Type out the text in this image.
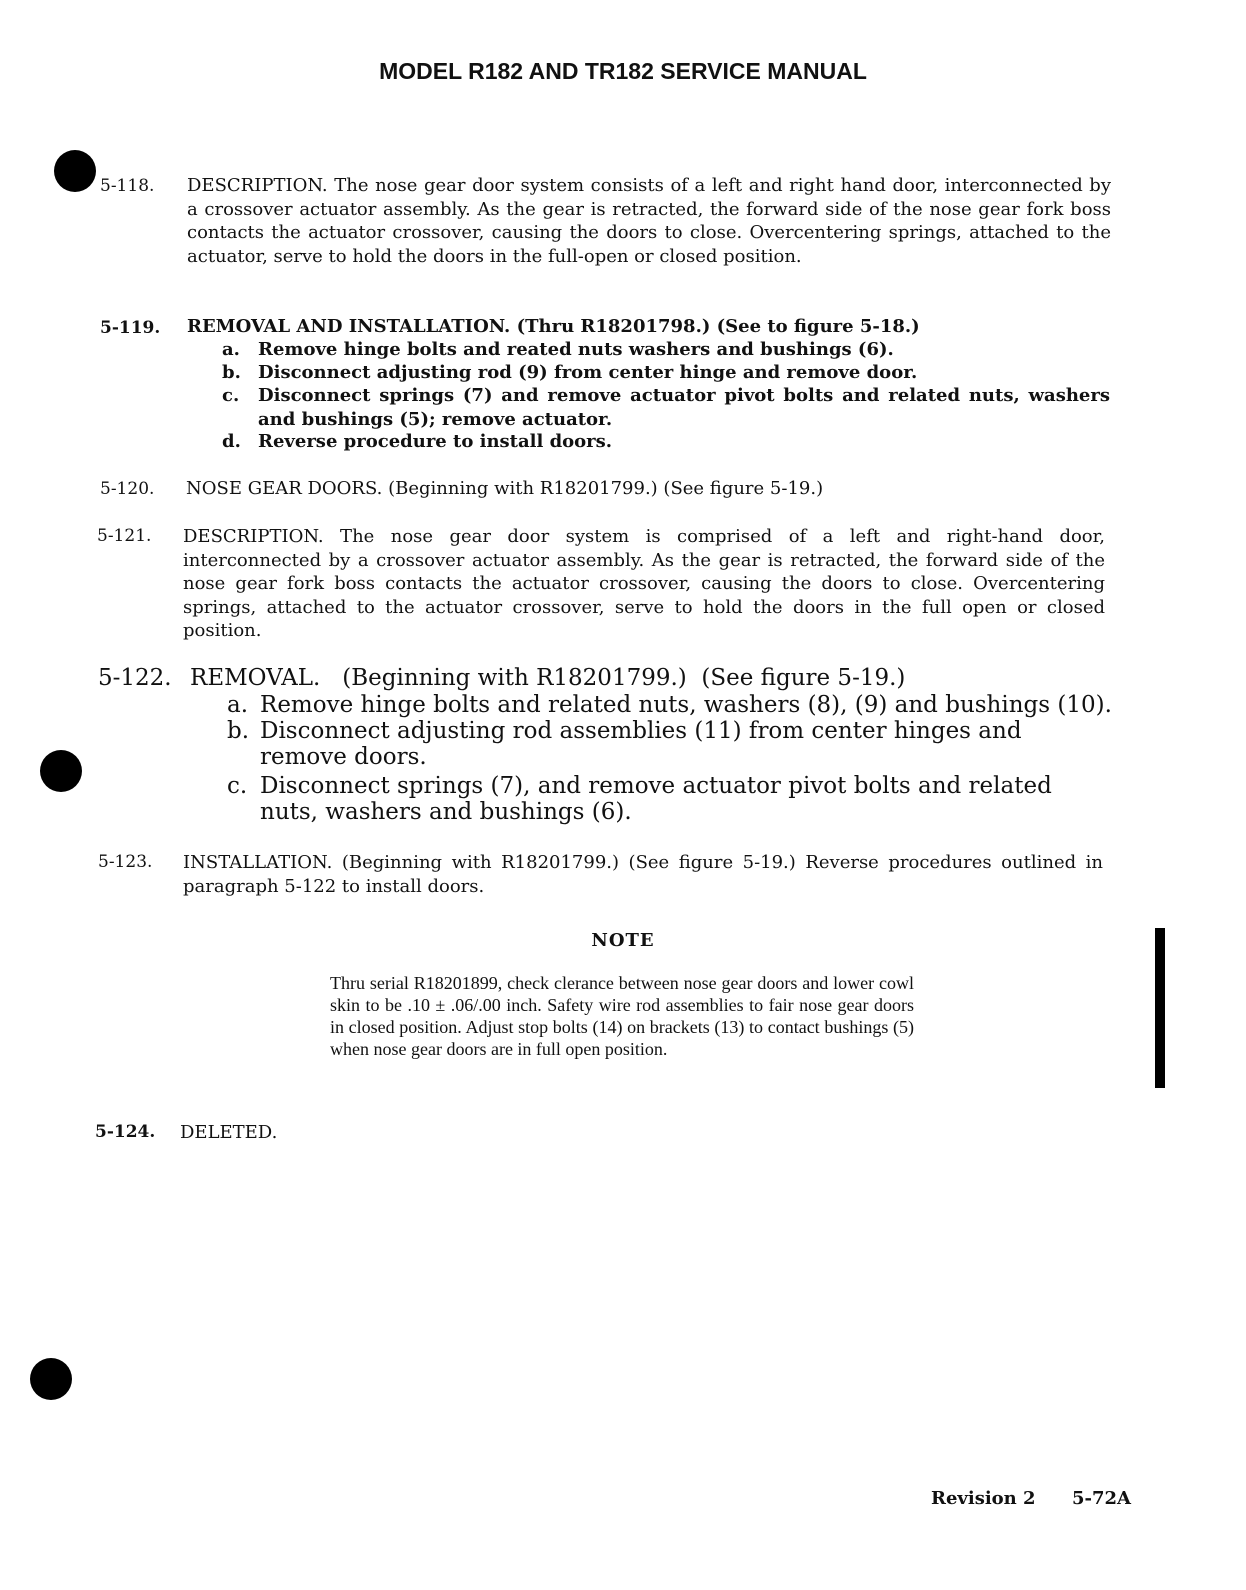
MODEL R182 AND TR182 SERVICE MANUAL
5-118. DESCRIPTION. The nose gear door system consists of a left and right hand door, interconnected by a crossover actuator assembly. As the gear is retracted, the forward side of the nose gear fork boss contacts the actuator crossover, causing the doors to close. Overcentering springs, attached to the actuator, serve to hold the doors in the full-open or closed position.
5-119. REMOVAL AND INSTALLATION. (Thru R18201798.) (See to figure 5-18.)
a. Remove hinge bolts and reated nuts washers and bushings (6).
b. Disconnect adjusting rod (9) from center hinge and remove door.
c. Disconnect springs (7) and remove actuator pivot bolts and related nuts, washers and bushings (5); remove actuator.
d. Reverse procedure to install doors.
5-120. NOSE GEAR DOORS. (Beginning with R18201799.) (See figure 5-19.)
5-121. DESCRIPTION. The nose gear door system is comprised of a left and right-hand door, interconnected by a crossover actuator assembly. As the gear is retracted, the forward side of the nose gear fork boss contacts the actuator crossover, causing the doors to close. Overcentering springs, attached to the actuator crossover, serve to hold the doors in the full open or closed position.
5-122. REMOVAL.   (Beginning with R18201799.)  (See figure 5-19.)
a. Remove hinge bolts and related nuts, washers (8), (9) and bushings (10).
b. Disconnect adjusting rod assemblies (11) from center hinges and remove doors.
c. Disconnect springs (7), and remove actuator pivot bolts and related nuts, washers and bushings (6).
5-123. INSTALLATION. (Beginning with R18201799.) (See figure 5-19.) Reverse procedures outlined in paragraph 5-122 to install doors.
NOTE
Thru serial R18201899, check clerance between nose gear doors and lower cowl skin to be .10 ± .06/.00 inch. Safety wire rod assemblies to fair nose gear doors in closed position. Adjust stop bolts (14) on brackets (13) to contact bushings (5) when nose gear doors are in full open position.
5-124. DELETED.
Revision 2 5-72A
